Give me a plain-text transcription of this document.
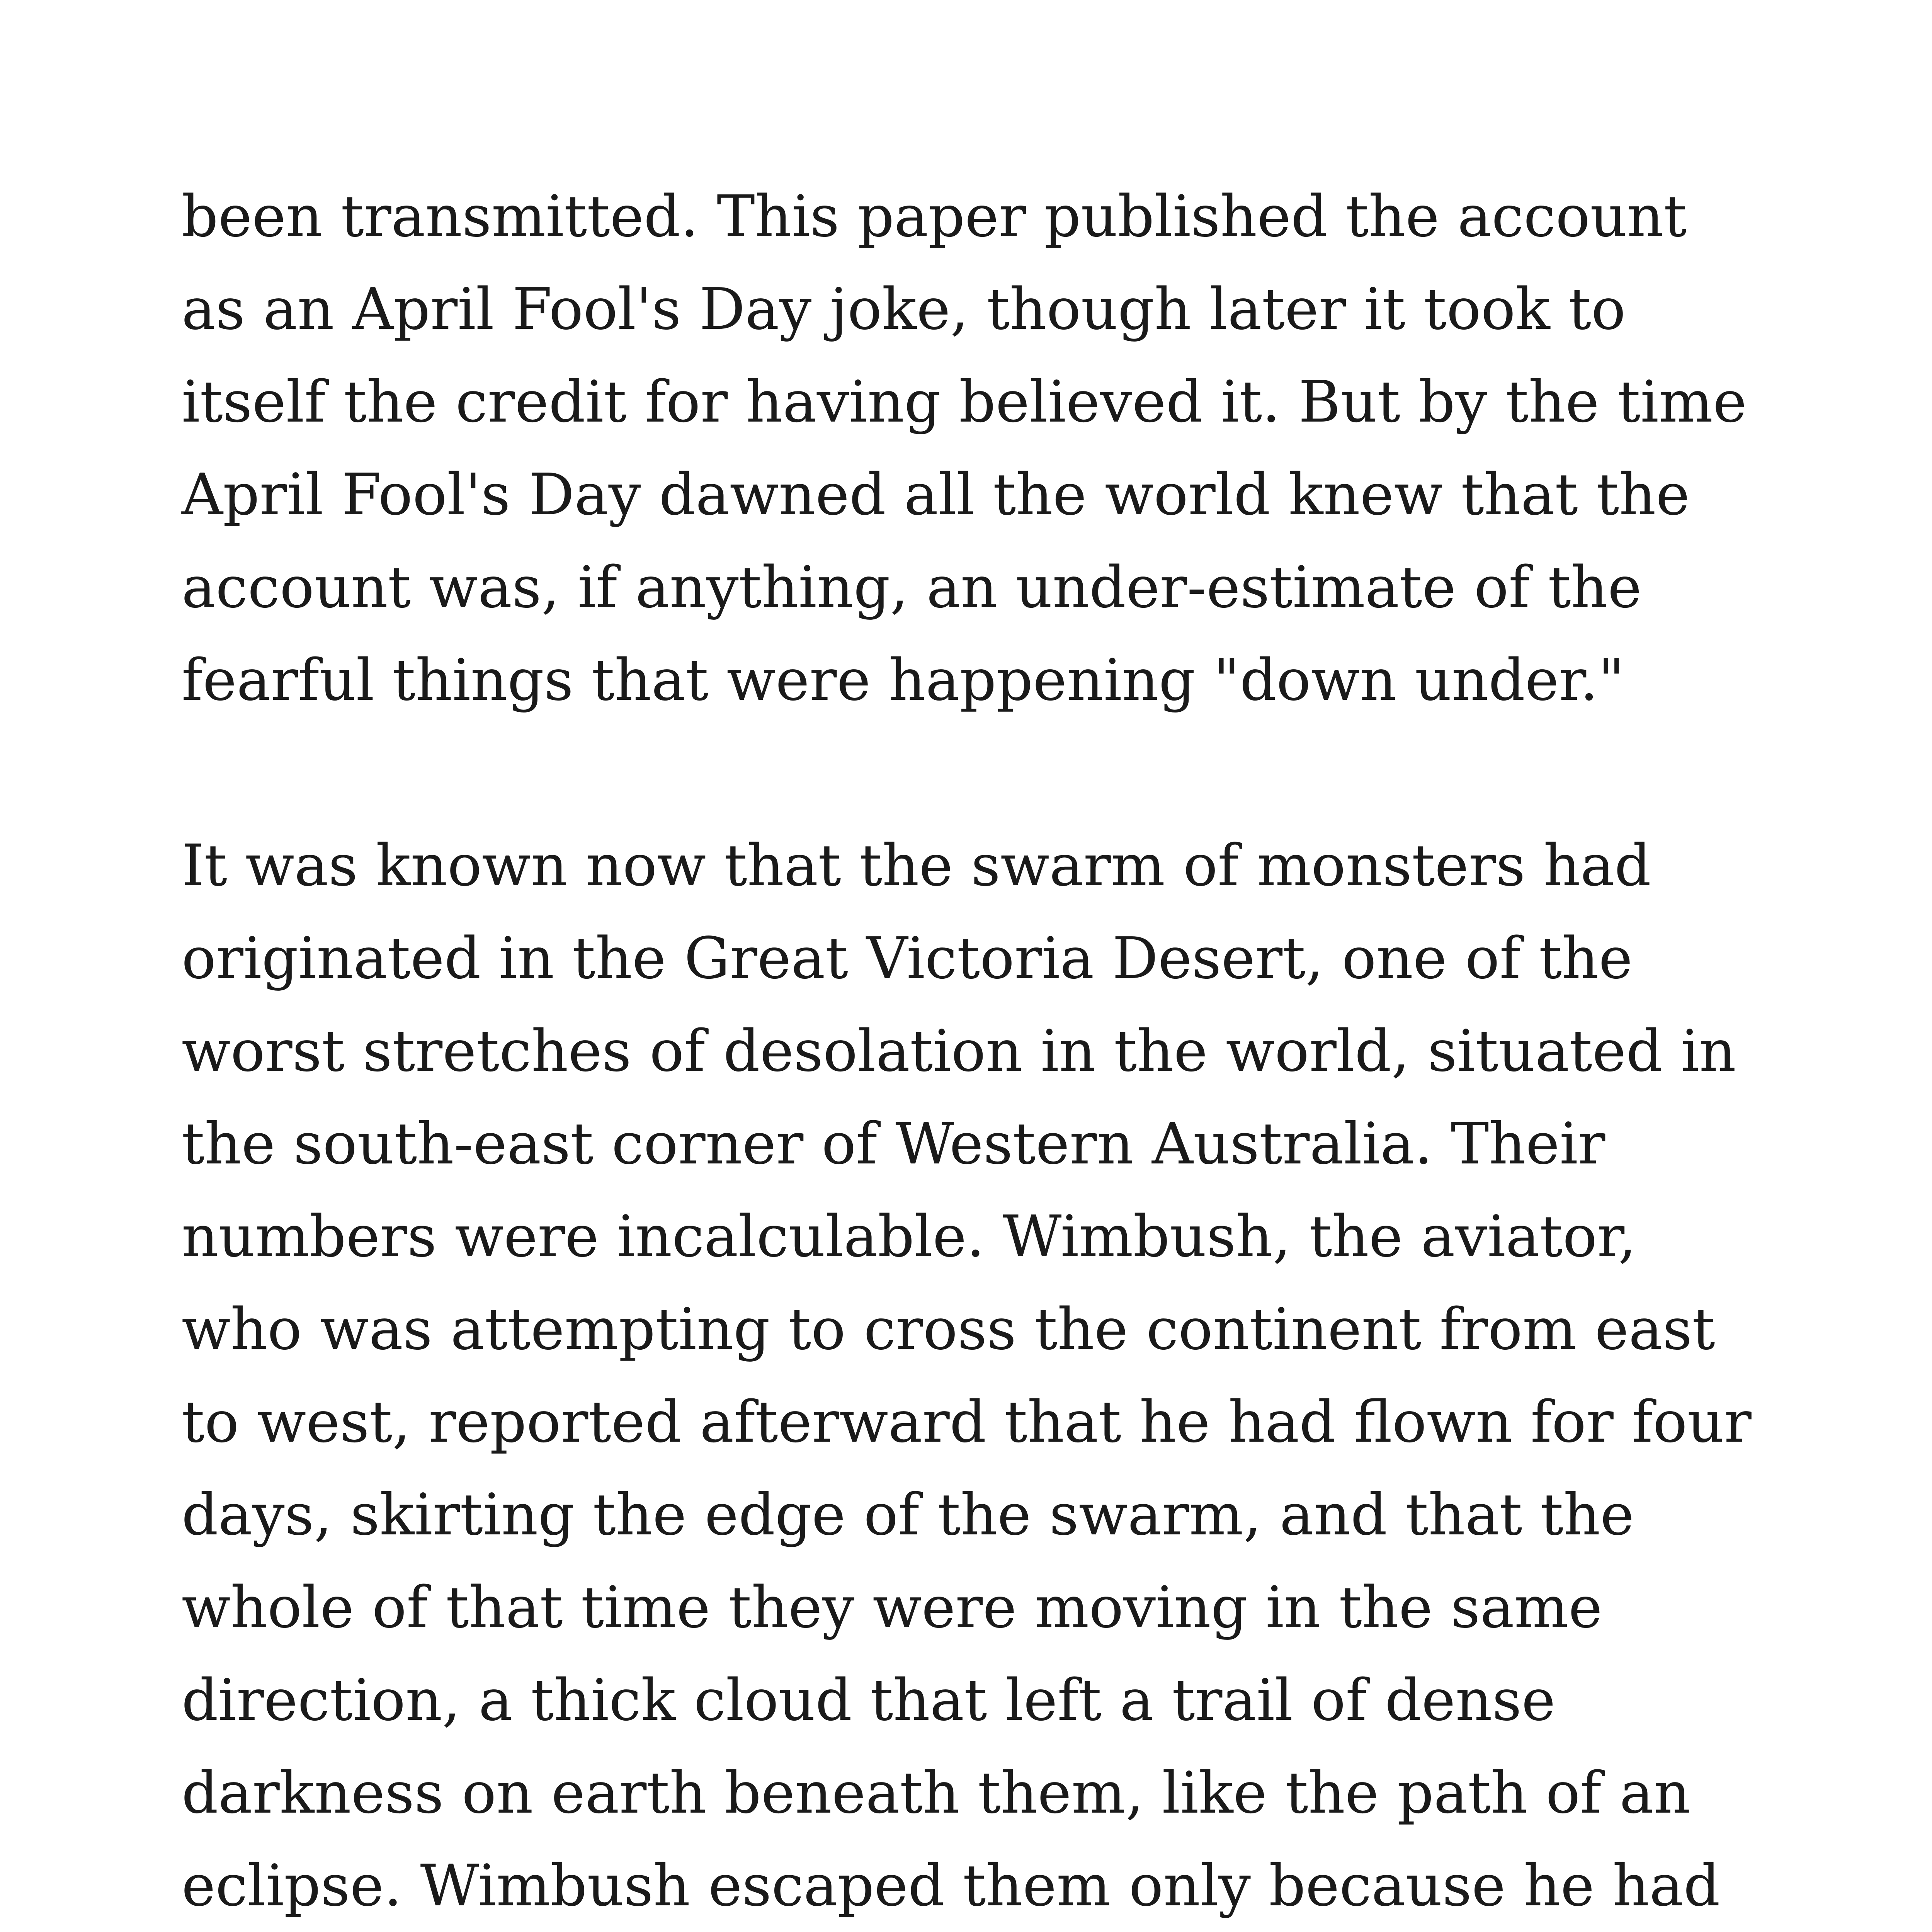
been transmitted. This paper published the account
as an April Fool's Day joke, though later it took to
itself the credit for having believed it. But by the time
April Fool's Day dawned all the world knew that the
account was, if anything, an under-estimate of the
fearful things that were happening "down under."

It was known now that the swarm of monsters had
originated in the Great Victoria Desert, one of the
worst stretches of desolation in the world, situated in
the south-east corner of Western Australia. Their
numbers were incalculable. Wimbush, the aviator,
who was attempting to cross the continent from east
to west, reported afterward that he had flown for four
days, skirting the edge of the swarm, and that the
whole of that time they were moving in the same
direction, a thick cloud that left a trail of dense
darkness on earth beneath them, like the path of an
eclipse. Wimbush escaped them only because he had
